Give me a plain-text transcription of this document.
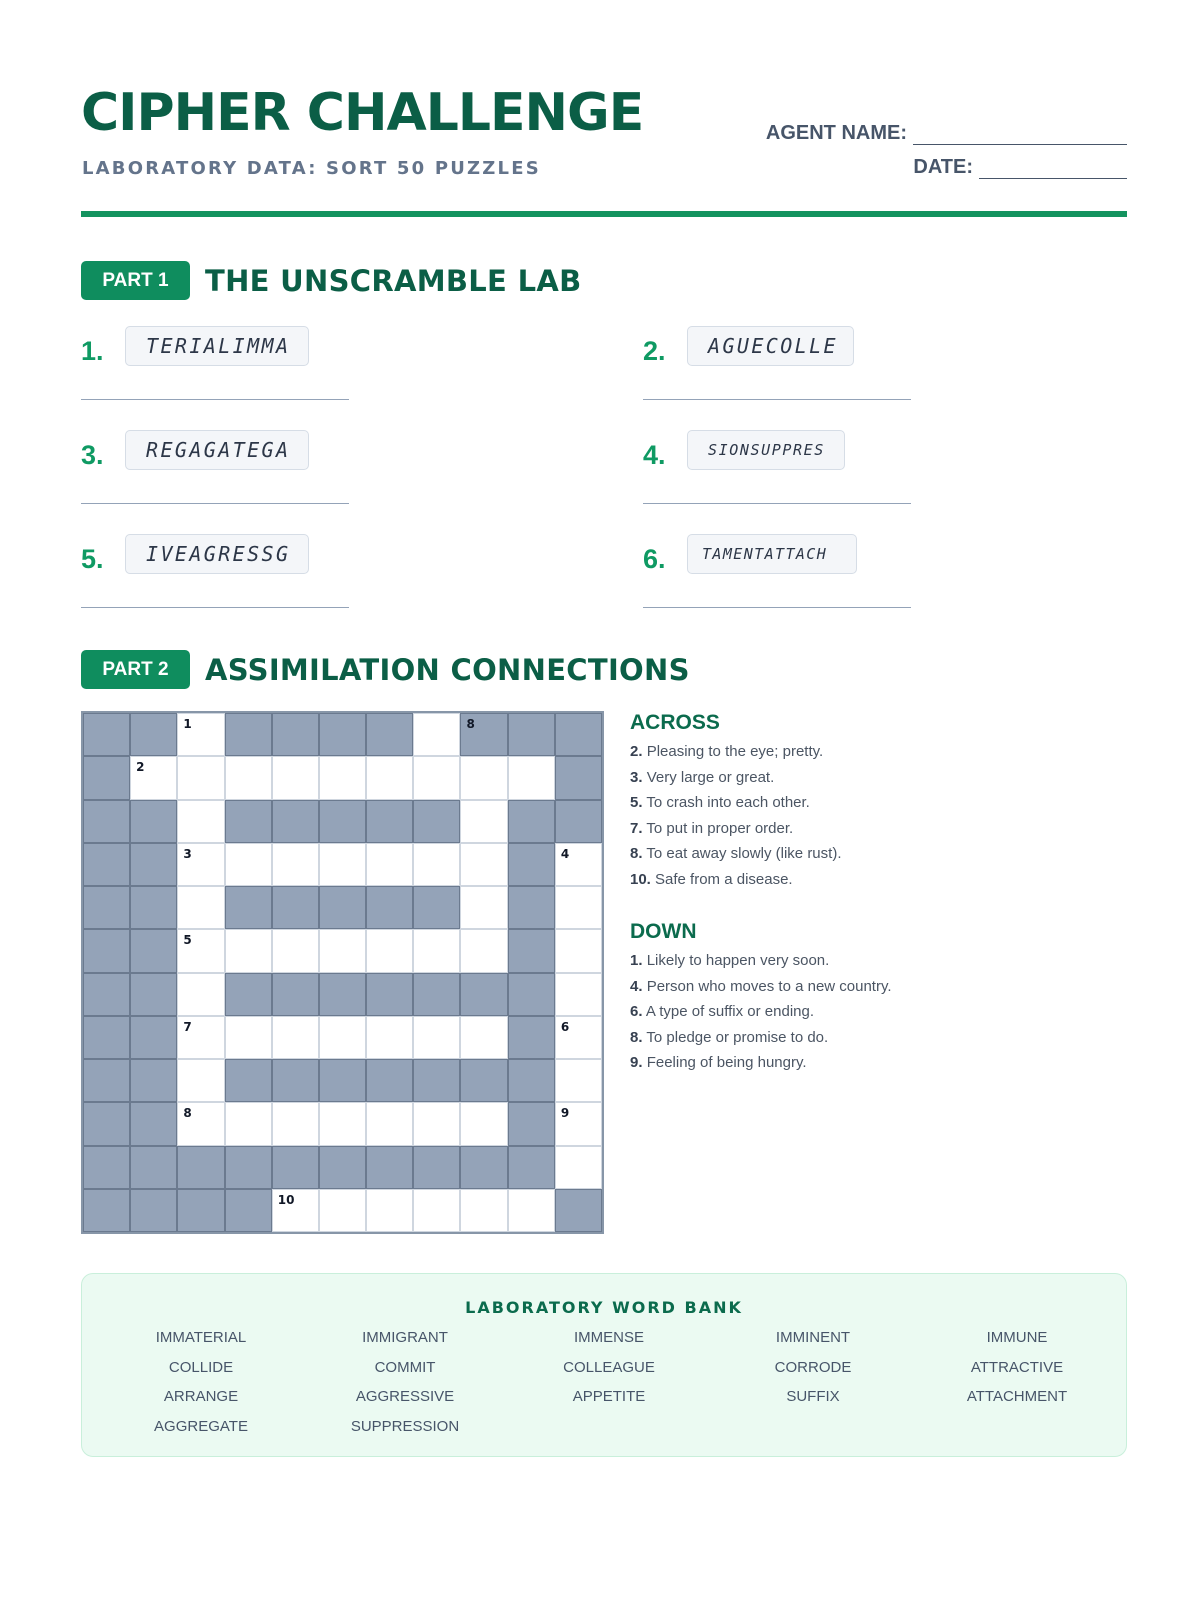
CIPHER CHALLENGE
LABORATORY DATA: SORT 50 PUZZLES
AGENT NAME:
DATE:
PART 1	THE UNSCRAMBLE LAB
1.	TERIALIMMA	2.	AGUECOLLE
3.	REGAGATEGA	4.	SIONSUPPRES
5.	IVEAGRESSG	6.	TAMENTATTACH
PART 2	ASSIMILATION CONNECTIONS
1	8
2
3	4
5
7	6
8	9
10
ACROSS
2. Pleasing to the eye; pretty.
3. Very large or great.
5. To crash into each other.
7. To put in proper order.
8. To eat away slowly (like rust).
10. Safe from a disease.
DOWN
1. Likely to happen very soon.
4. Person who moves to a new country.
6. A type of suffix or ending.
8. To pledge or promise to do.
9. Feeling of being hungry.
LABORATORY WORD BANK
IMMATERIAL	IMMIGRANT	IMMENSE	IMMINENT	IMMUNE
COLLIDE	COMMIT	COLLEAGUE	CORRODE	ATTRACTIVE
ARRANGE	AGGRESSIVE	APPETITE	SUFFIX	ATTACHMENT
AGGREGATE	SUPPRESSION
